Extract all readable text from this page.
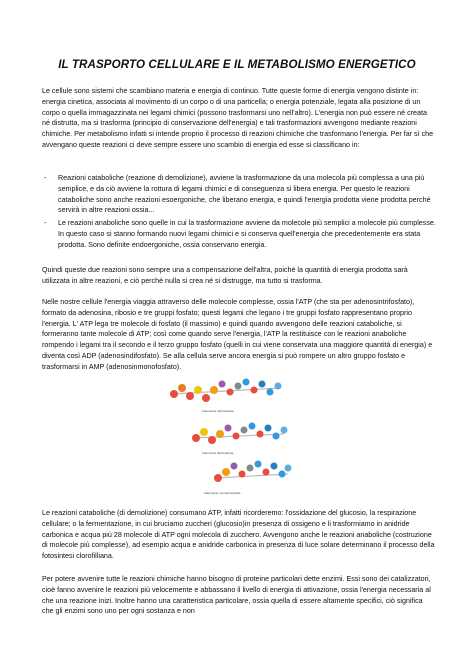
IL TRASPORTO CELLULARE E IL METABOLISMO ENERGETICO

Le cellule sono sistemi che scambiano materia e energia di continuo. Tutte queste forme di energia vengono distinte in: energia cinetica, associata al movimento di un corpo o di una particella; o energia potenziale, legata alla posizione di un corpo o quella immagazzinata nei legami chimici (possono trasformarsi uno nell'altro). L'energia non può essere né creata né distrutta, ma si trasforma (principio di conservazione dell'energia) e tali trasformazioni avvengono mediante reazioni chimiche. Per metabolismo infatti si intende proprio il processo di reazioni chimiche che trasformano l'energia. Per far sì che avvengano queste reazioni ci deve sempre essere uno scambio di energia ed esse si classificano in:

- Reazioni cataboliche (reazione di demolizione), avviene la trasformazione da una molecola più complessa a una più semplice, e da ciò avviene la rottura di legami chimici e di conseguenza si libera energia. Per questo le reazioni cataboliche sono anche reazioni esoergoniche, che liberano energia, e quindi l'energia prodotta viene prodotta perché servirà in altre reazioni ossia...
- Le reazioni anaboliche sono quelle in cui la trasformazione avviene da molecole più semplici a molecole più complesse. In questo caso si stanno formando nuovi legami chimici e si conserva quell'energia che precedentemente era stata prodotta. Sono definite endoergoniche, ossia conservano energia.

Quindi queste due reazioni sono sempre una a compensazione dell'altra, poiché la quantità di energia prodotta sarà utilizzata in altre reazioni, e ciò perché nulla si crea né si distrugge, ma tutto si trasforma.

Nelle nostre cellule l'energia viaggia attraverso delle molecole complesse, ossia l'ATP (che sta per adenosintrifosfato), formato da adenosina, ribosio e tre gruppi fosfato; questi legami che legano i tre gruppi fosfato rappresentano proprio l'energia. L' ATP lega tre molecole di fosfato (il massimo) e quindi quando avvengono delle reazioni cataboliche, si formeranno tante molecole di ATP; così come quando serve l'energia, l'ATP la restituisce con le reazioni anaboliche rompendo i legami tra il secondo e il terzo gruppo fosfato (quelli in cui viene conservata una maggiore quantità di energia) e diventa così ADP (adenosindifosfato). Se alla cellula serve ancora energia si può rompere un altro gruppo fosfato e trasformarsi in AMP (adenosinmonofosfato).

Adenosine triphosphate
Adenosine diphosphate
Adenosine monophosphate

Le reazioni cataboliche (di demolizione) consumano ATP, infatti ricorderemo: l'ossidazione del glucosio, la respirazione cellulare; o la fermentazione, in cui bruciamo zuccheri (glucosio)in presenza di ossigeno e li trasformiamo in anidride carbonica e acqua più 28 molecole di ATP ogni molecola di zucchero. Avvengono anche le reazioni anaboliche (costruzione di molecole più complesse), ad esempio acqua e anidride carbonica in presenza di luce solare determinano il processo della fotosintesi clorofilliana.

Per potere avvenire tutte le reazioni chimiche hanno bisogno di proteine particolari dette enzimi. Essi sono dei catalizzatori, cioè fanno avvenire le reazioni più velocemente e abbassano il livello di energia di attivazione, ossia l'energia necessaria al che una reazione inizi. Inoltre hanno una caratteristica particolare, ossia quella di essere altamente specifici, ciò significa che gli enzimi sono uno per ogni sostanza e non
